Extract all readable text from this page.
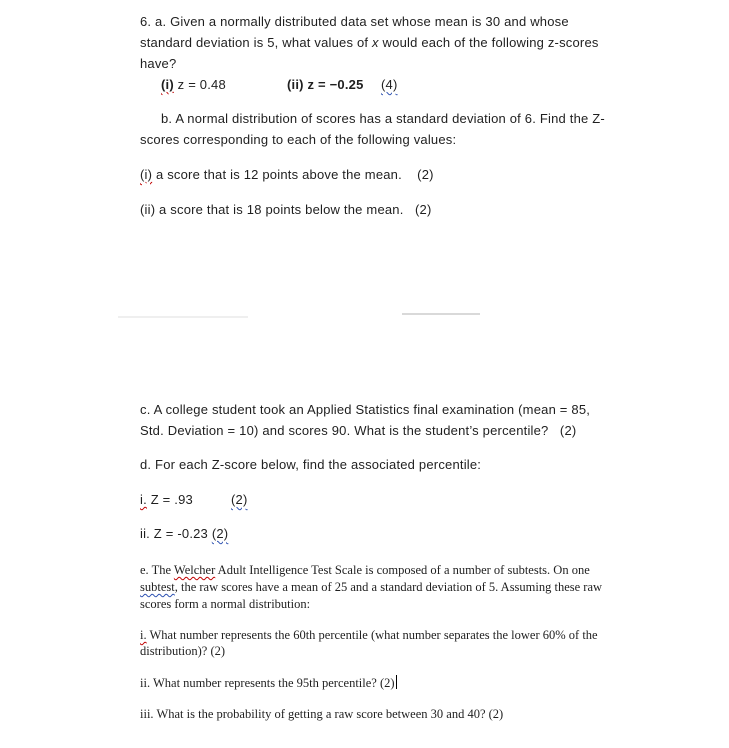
6. a. Given a normally distributed data set whose mean is 30 and whose
standard deviation is 5, what values of x would each of the following z-scores
have?
(i) z = 0.48	(ii) z = −0.25 (4)
b. A normal distribution of scores has a standard deviation of 6. Find the Z-
scores corresponding to each of the following values:
(i) a score that is 12 points above the mean.    (2)
(ii) a score that is 18 points below the mean.   (2)
c. A college student took an Applied Statistics final examination (mean = 85,
Std. Deviation = 10) and scores 90. What is the student’s percentile?   (2)
d. For each Z-score below, find the associated percentile:
i. Z = .93	(2)
ii. Z = -0.23 (2)
e. The Welcher Adult Intelligence Test Scale is composed of a number of subtests. On one
subtest, the raw scores have a mean of 25 and a standard deviation of 5. Assuming these raw
scores form a normal distribution:
i. What number represents the 60th percentile (what number separates the lower 60% of the
distribution)? (2)
ii. What number represents the 95th percentile? (2)
iii. What is the probability of getting a raw score between 30 and 40? (2)
